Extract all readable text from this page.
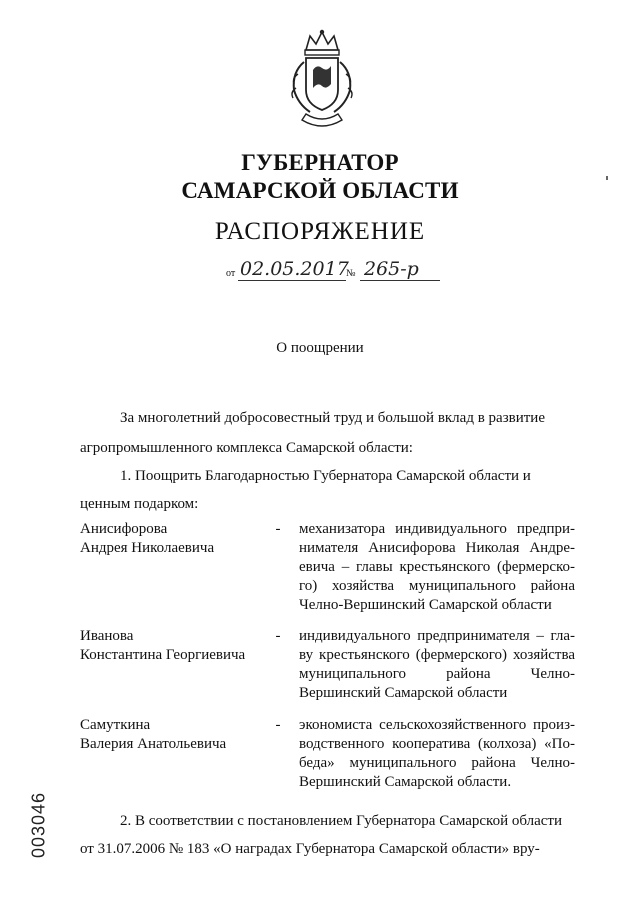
ГУБЕРНАТОР

САМАРСКОЙ ОБЛАСТИ

РАСПОРЯЖЕНИЕ

от 02.05.2017
№ 265-р

О поощрении

За многолетний добросовестный труд и большой вклад в развитие

агропромышленного комплекса Самарской области:

1. Поощрить Благодарностью Губернатора Самарской области и

ценным подарком:

Анисифорова
Андрея Николаевича
- механизатора индивидуального предпри-
нимателя Анисифорова Николая Андре-
евича – главы крестьянского (фермерско-
го) хозяйства муниципального района
Челно-Вершинский Самарской области
Иванова
Константина Георгиевича
- индивидуального предпринимателя – гла-
ву крестьянского (фермерского) хозяйства
муниципального района Челно-
Вершинский Самарской области
Самуткина
Валерия Анатольевича
- экономиста сельскохозяйственного произ-
водственного кооператива (колхоза) «По-
беда» муниципального района Челно-
Вершинский Самарской области.

2. В соответствии с постановлением Губернатора Самарской области

от 31.07.2006 № 183 «О наградах Губернатора Самарской области» вру-

003046
